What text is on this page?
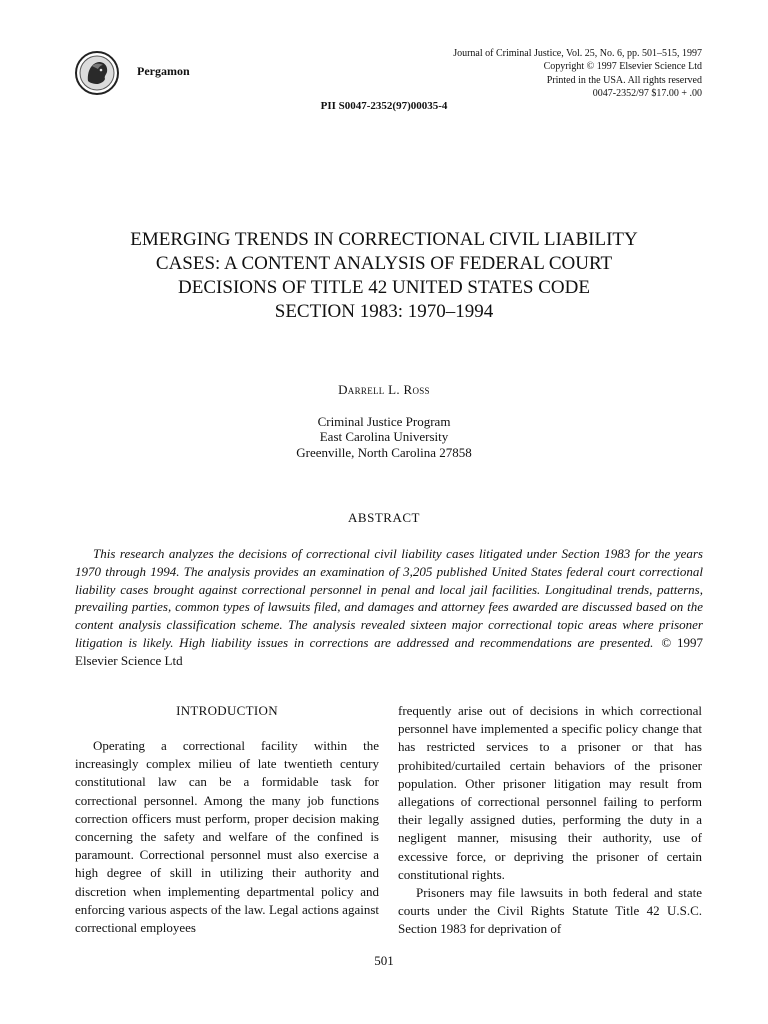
Pergamon
Journal of Criminal Justice, Vol. 25, No. 6, pp. 501–515, 1997
Copyright © 1997 Elsevier Science Ltd
Printed in the USA. All rights reserved
0047-2352/97 $17.00 + .00
PII S0047-2352(97)00035-4
EMERGING TRENDS IN CORRECTIONAL CIVIL LIABILITY
CASES: A CONTENT ANALYSIS OF FEDERAL COURT
DECISIONS OF TITLE 42 UNITED STATES CODE
SECTION 1983: 1970–1994
Darrell L. Ross
Criminal Justice Program
East Carolina University
Greenville, North Carolina 27858
ABSTRACT

This research analyzes the decisions of correctional civil liability cases litigated under Section 1983 for the years 1970 through 1994. The analysis provides an examination of 3,205 published United States federal court correctional liability cases brought against correctional personnel in penal and local jail facilities. Longitudinal trends, patterns, prevailing parties, common types of lawsuits filed, and damages and attorney fees awarded are discussed based on the content analysis classification scheme. The analysis revealed sixteen major correctional topic areas where prisoner litigation is likely. High liability issues in corrections are addressed and recommendations are presented. © 1997 Elsevier Science Ltd

INTRODUCTION

Operating a correctional facility within the increasingly complex milieu of late twentieth century constitutional law can be a formidable task for correctional personnel. Among the many job functions correction officers must perform, proper decision making concerning the safety and welfare of the confined is paramount. Correctional personnel must also exercise a high degree of skill in utilizing their authority and discretion when implementing departmental policy and enforcing various aspects of the law. Legal actions against correctional employees

frequently arise out of decisions in which correctional personnel have implemented a specific policy change that has restricted services to a prisoner or that has prohibited/curtailed certain behaviors of the prisoner population. Other prisoner litigation may result from allegations of correctional personnel failing to perform their legally assigned duties, performing the duty in a negligent manner, misusing their authority, use of excessive force, or depriving the prisoner of certain constitutional rights.

Prisoners may file lawsuits in both federal and state courts under the Civil Rights Statute Title 42 U.S.C. Section 1983 for deprivation of

501
